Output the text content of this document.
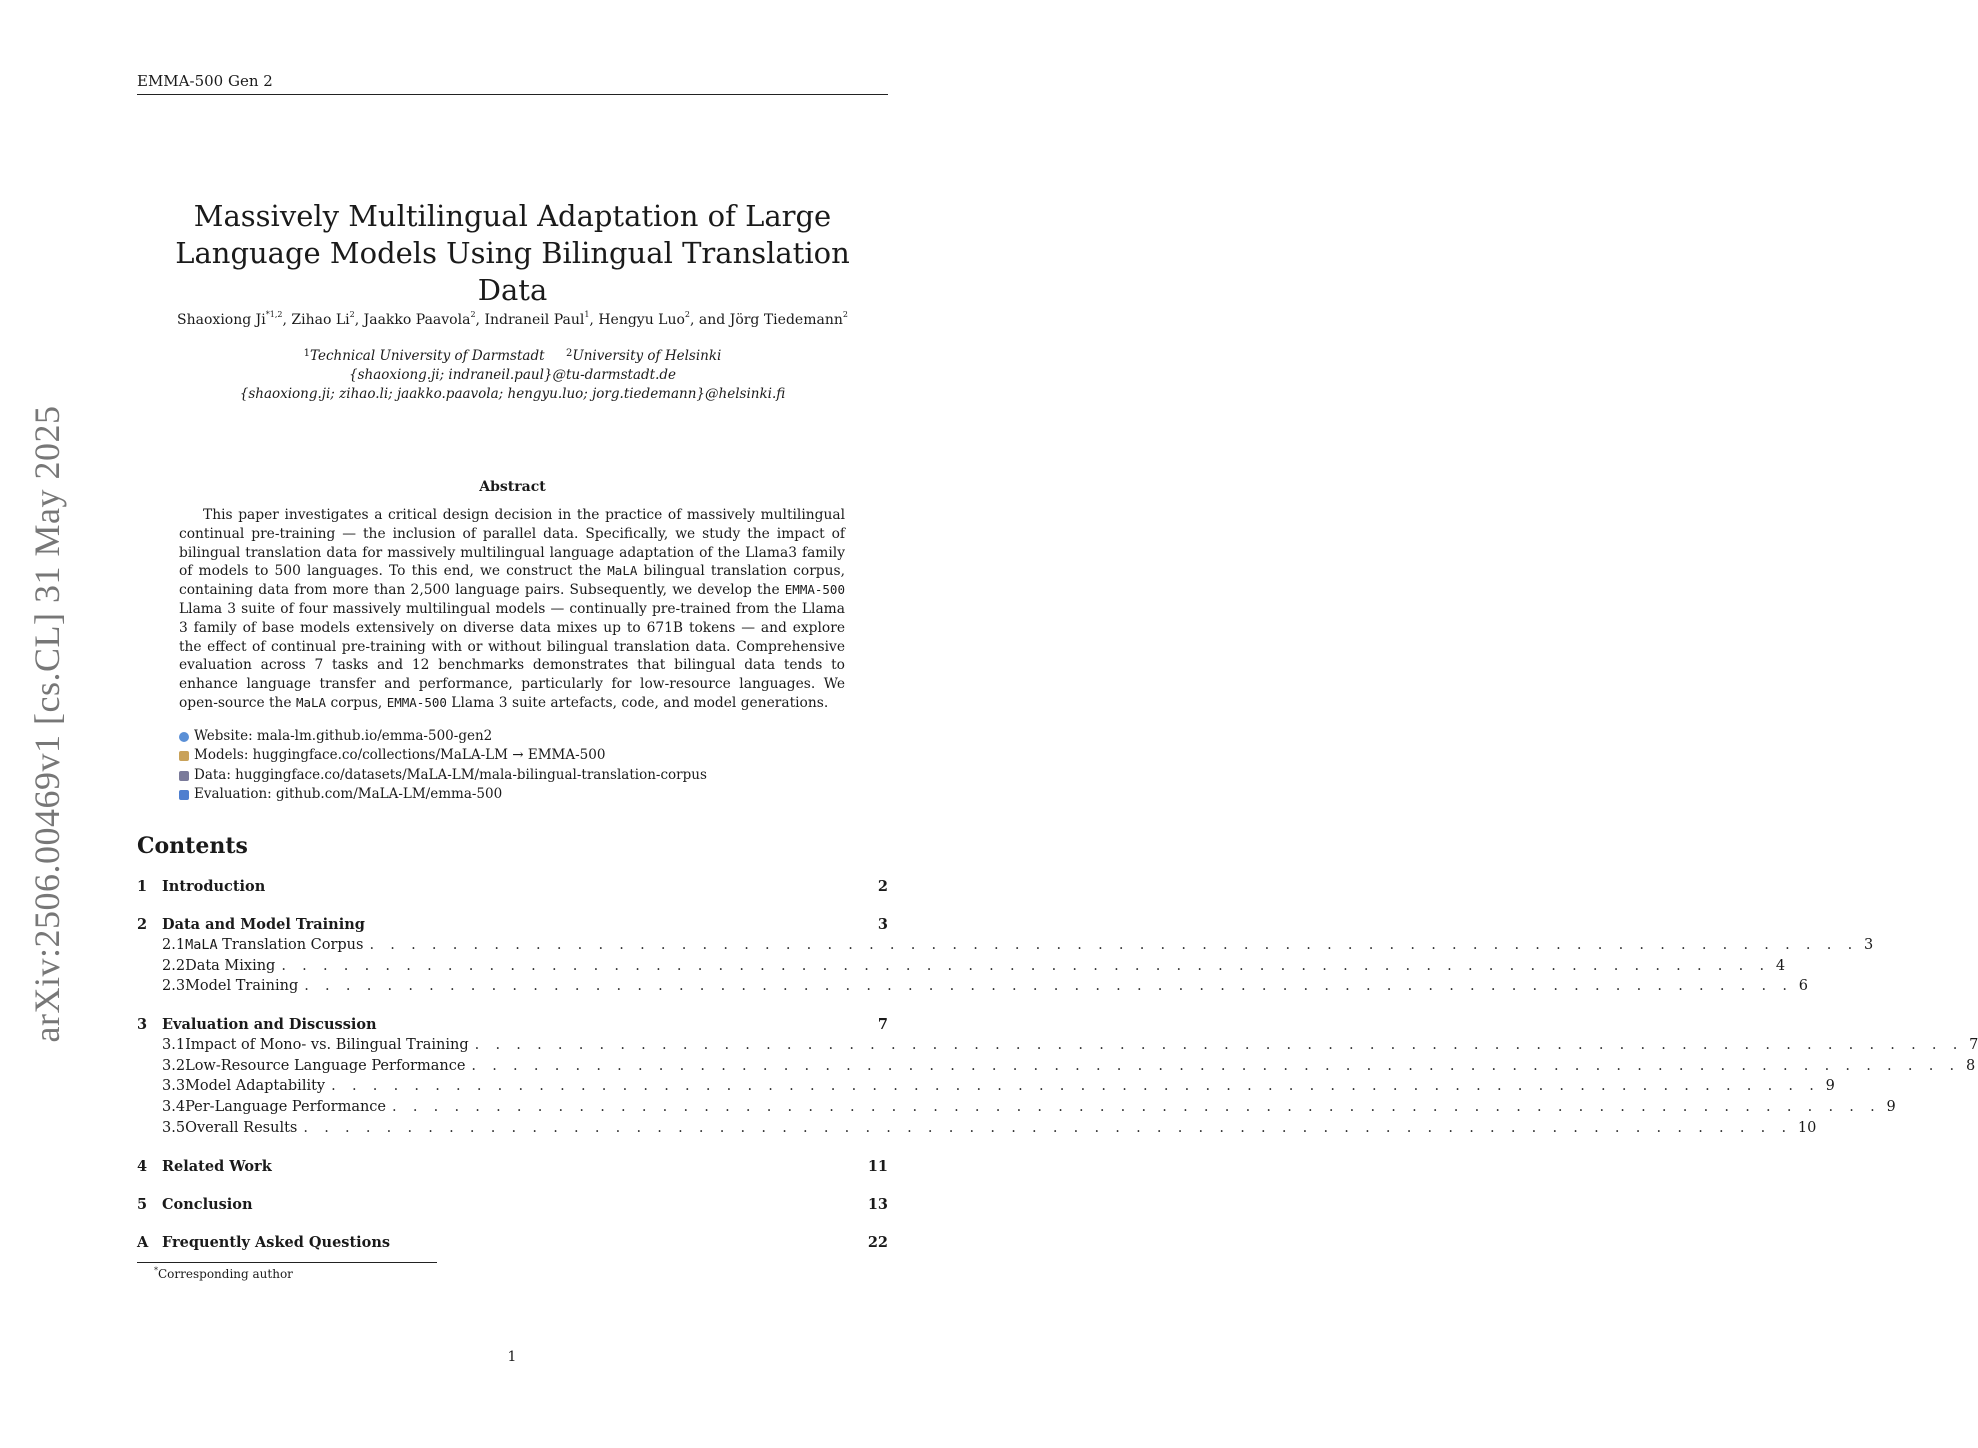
EMMA-500 Gen 2
arXiv:2506.00469v1 [cs.CL] 31 May 2025
Massively Multilingual Adaptation of Large Language Models Using Bilingual Translation Data
Shaoxiong Ji$^{*1,2}$, Zihao Li$^2$, Jaakko Paavola$^2$, Indraneil Paul$^1$, Hengyu Luo$^2$, and Jörg Tiedemann$^2$
$^1$Technical University of Darmstadt $^2$University of Helsinki
{shaoxiong.ji; indraneil.paul}@tu-darmstadt.de
{shaoxiong.ji; zihao.li; jaakko.paavola; hengyu.luo; jorg.tiedemann}@helsinki.fi
Abstract

This paper investigates a critical design decision in the practice of massively multilingual continual pre-training — the inclusion of parallel data. Specifically, we study the impact of bilingual translation data for massively multilingual language adaptation of the Llama3 family of models to 500 languages. To this end, we construct the MaLA bilingual translation corpus, containing data from more than 2,500 language pairs. Subsequently, we develop the EMMA-500 Llama 3 suite of four massively multilingual models — continually pre-trained from the Llama 3 family of base models extensively on diverse data mixes up to 671B tokens — and explore the effect of continual pre-training with or without bilingual translation data. Comprehensive evaluation across 7 tasks and 12 benchmarks demonstrates that bilingual data tends to enhance language transfer and performance, particularly for low-resource languages. We open-source the MaLA corpus, EMMA-500 Llama 3 suite artefacts, code, and model generations.

Website: mala-lm.github.io/emma-500-gen2
Models: huggingface.co/collections/MaLA-LM → EMMA-500
Data: huggingface.co/datasets/MaLA-LM/mala-bilingual-translation-corpus
Evaluation: github.com/MaLA-LM/emma-500
Contents
1	Introduction	2
2	Data and Model Training	3
2.1 MaLA Translation Corpus . . . . . . . . . . . . . . . . . . . . . . . . . . . . . . . . . . . . . . . . . . . . . . . . . . . . . . . . . . . . . . . . . . . . . . . . 3
2.2 Data Mixing . . . . . . . . . . . . . . . . . . . . . . . . . . . . . . . . . . . . . . . . . . . . . . . . . . . . . . . . . . . . . . . . . . . . . . . . 4
2.3 Model Training . . . . . . . . . . . . . . . . . . . . . . . . . . . . . . . . . . . . . . . . . . . . . . . . . . . . . . . . . . . . . . . . . . . . . . . . 6
3	Evaluation and Discussion	7
3.1 Impact of Mono- vs. Bilingual Training . . . . . . . . . . . . . . . . . . . . . . . . . . . . . . . . . . . . . . . . . . . . . . . . . . . . . . . . . . . . . . . . . . . . . . . . 7
3.2 Low-Resource Language Performance . . . . . . . . . . . . . . . . . . . . . . . . . . . . . . . . . . . . . . . . . . . . . . . . . . . . . . . . . . . . . . . . . . . . . . . . 8
3.3 Model Adaptability . . . . . . . . . . . . . . . . . . . . . . . . . . . . . . . . . . . . . . . . . . . . . . . . . . . . . . . . . . . . . . . . . . . . . . . . 9
3.4 Per-Language Performance . . . . . . . . . . . . . . . . . . . . . . . . . . . . . . . . . . . . . . . . . . . . . . . . . . . . . . . . . . . . . . . . . . . . . . . . 9
3.5 Overall Results . . . . . . . . . . . . . . . . . . . . . . . . . . . . . . . . . . . . . . . . . . . . . . . . . . . . . . . . . . . . . . . . . . . . . . . . 10
4	Related Work	11
5	Conclusion	13
A Frequently Asked Questions	22
*Corresponding author
1
